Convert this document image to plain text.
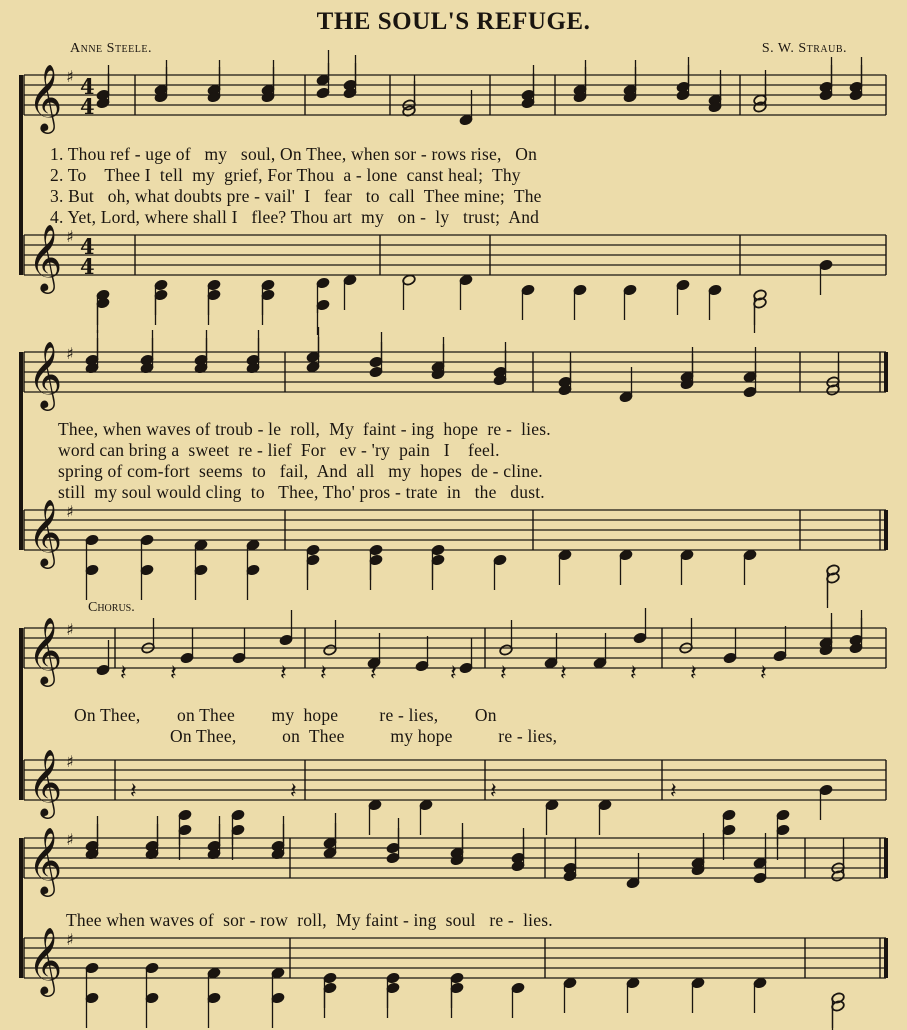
THE SOUL'S REFUGE.
Anne Steele.	S. W. Straub.
𝄞 ♯ 4
4
𝄞 ♯ 4
4
𝄞 ♯
𝄞 ♯
𝄞 ♯
𝄞 ♯
𝄽 𝄽	𝄽 𝄽 𝄽	𝄽 𝄽 𝄽	𝄽 𝄽	𝄽
𝄽	𝄽	𝄽
𝄽
𝄞 ♯
𝄞 ♯
1. Thou ref - uge of   my   soul, On Thee, when sor - rows rise,   On
2. To    Thee I  tell  my  grief, For Thou  a - lone  canst heal;  Thy
3. But   oh, what doubts pre - vail'  I   fear   to  call  Thee mine;  The
4. Yet, Lord, where shall I   flee? Thou art  my   on -  ly   trust;  And
Thee, when waves of troub - le  roll,  My  faint - ing  hope  re -  lies.
word can bring a  sweet  re - lief  For   ev - 'ry  pain   I    feel.
spring of com-fort  seems  to   fail,  And  all   my  hopes  de - cline.
still  my soul would cling  to   Thee, Tho' pros - trate  in   the   dust.
Chorus.
On Thee,        on Thee        my  hope         re - lies,        On
On Thee,          on  Thee          my hope          re - lies,
Thee when waves of  sor - row  roll,  My faint - ing  soul   re -  lies.
